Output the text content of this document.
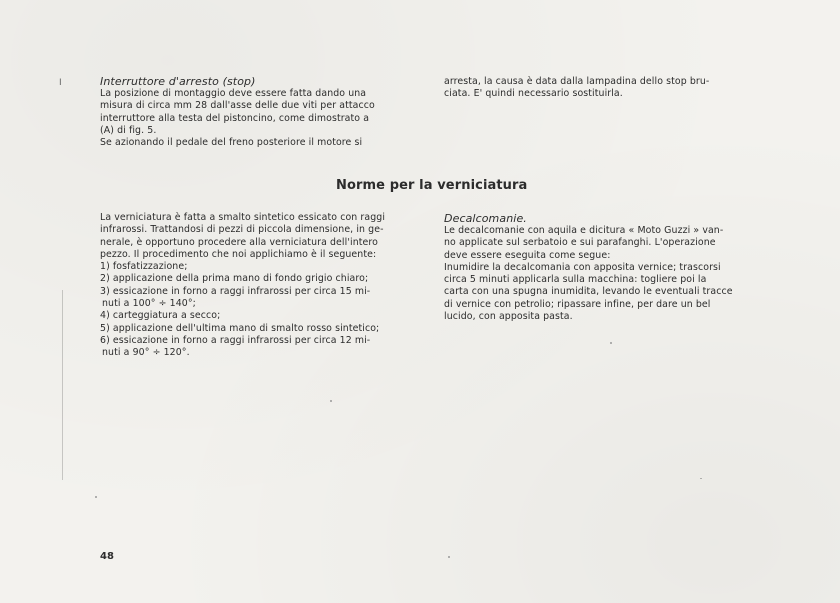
I	Interruttore d'arresto (stop)

La posizione di montaggio deve essere fatta dando una

misura di circa mm 28 dall'asse delle due viti per attacco

interruttore alla testa del pistoncino, come dimostrato a

(A) di fig. 5.

Se azionando il pedale del freno posteriore il motore si

arresta, la causa è data dalla lampadina dello stop bru-

ciata. E' quindi necessario sostituirla.

Norme per la verniciatura

La verniciatura è fatta a smalto sintetico essicato con raggi

infrarossi. Trattandosi di pezzi di piccola dimensione, in ge-

nerale, è opportuno procedere alla verniciatura dell'intero

pezzo. Il procedimento che noi applichiamo è il seguente:

1) fosfatizzazione;

2) applicazione della prima mano di fondo grigio chiaro;

3) essicazione in forno a raggi infrarossi per circa 15 mi-

nuti a 100° ÷ 140°;

4) carteggiatura a secco;

5) applicazione dell'ultima mano di smalto rosso sintetico;

6) essicazione in forno a raggi infrarossi per circa 12 mi-

nuti a 90° ÷ 120°.

Decalcomanie.

Le decalcomanie con aquila e dicitura « Moto Guzzi » van-

no applicate sul serbatoio e sui parafanghi. L'operazione

deve essere eseguita come segue:

Inumidire la decalcomania con apposita vernice; trascorsi

circa 5 minuti applicarla sulla macchina: togliere poi la

carta con una spugna inumidita, levando le eventuali tracce

di vernice con petrolio; ripassare infine, per dare un bel

lucido, con apposita pasta.

48
